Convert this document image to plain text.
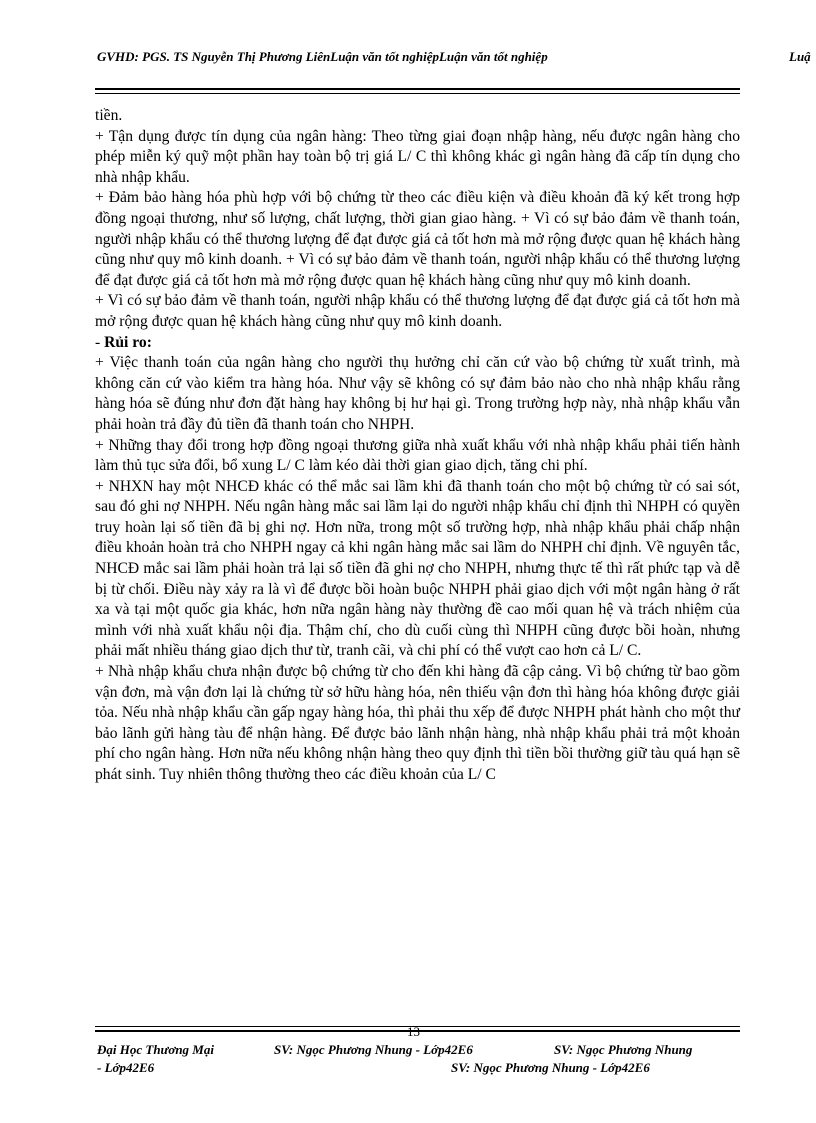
GVHD: PGS. TS Nguyễn Thị Phương LiênLuận văn tốt nghiệpLuận văn tốt nghiệp	Luậ

tiền.

+ Tận dụng được tín dụng của ngân hàng: Theo từng giai đoạn nhập hàng, nếu được ngân hàng cho phép miễn ký quỹ một phần hay toàn bộ trị giá L/ C thì không khác gì ngân hàng đã cấp tín dụng cho nhà nhập khẩu.

+ Đảm bảo hàng hóa phù hợp với bộ chứng từ theo các điều kiện và điều khoản đã ký kết trong hợp đồng ngoại thương, như số lượng, chất lượng, thời gian giao hàng. + Vì có sự bảo đảm về thanh toán, người nhập khẩu có thể thương lượng để đạt được giá cả tốt hơn mà mở rộng được quan hệ khách hàng cũng như quy mô kinh doanh. + Vì có sự bảo đảm về thanh toán, người nhập khẩu có thể thương lượng để đạt được giá cả tốt hơn mà mở rộng được quan hệ khách hàng cũng như quy mô kinh doanh.

+ Vì có sự bảo đảm về thanh toán, người nhập khẩu có thể thương lượng để đạt được giá cả tốt hơn mà mở rộng được quan hệ khách hàng cũng như quy mô kinh doanh.

- Rủi ro:

+ Việc thanh toán của ngân hàng cho người thụ hưởng chỉ căn cứ vào bộ chứng từ xuất trình, mà không căn cứ vào kiểm tra hàng hóa. Như vậy sẽ không có sự đảm bảo nào cho nhà nhập khẩu rằng hàng hóa sẽ đúng như đơn đặt hàng hay không bị hư hại gì. Trong trường hợp này, nhà nhập khẩu vẫn phải hoàn trả đầy đủ tiền đã thanh toán cho NHPH.

+ Những thay đổi trong hợp đồng ngoại thương giữa nhà xuất khẩu với nhà nhập khẩu phải tiến hành làm thủ tục sửa đổi, bổ xung L/ C làm kéo dài thời gian giao dịch, tăng chi phí.

+ NHXN hay một NHCĐ khác có thể mắc sai lầm khi đã thanh toán cho một bộ chứng từ có sai sót, sau đó ghi nợ NHPH. Nếu ngân hàng mắc sai lầm lại do người nhập khẩu chỉ định thì NHPH có quyền truy hoàn lại số tiền đã bị ghi nợ. Hơn nữa, trong một số trường hợp, nhà nhập khẩu phải chấp nhận điều khoản hoàn trả cho NHPH ngay cả khi ngân hàng mắc sai lầm do NHPH chỉ định. Về nguyên tắc, NHCĐ mắc sai lầm phải hoàn trả lại số tiền đã ghi nợ cho NHPH, nhưng thực tế thì rất phức tạp và dễ bị từ chối. Điều này xảy ra là vì để được bồi hoàn buộc NHPH phải giao dịch với một ngân hàng ở rất xa và tại một quốc gia khác, hơn nữa ngân hàng này thường đề cao mối quan hệ và trách nhiệm của mình với nhà xuất khẩu nội địa. Thậm chí, cho dù cuối cùng thì NHPH cũng được bồi hoàn, nhưng phải mất nhiều tháng giao dịch thư từ, tranh cãi, và chi phí có thể vượt cao hơn cả L/ C.

+ Nhà nhập khẩu chưa nhận được bộ chứng từ cho đến khi hàng đã cập cảng. Vì bộ chứng từ bao gồm vận đơn, mà vận đơn lại là chứng từ sở hữu hàng hóa, nên thiếu vận đơn thì hàng hóa không được giải tỏa. Nếu nhà nhập khẩu cần gấp ngay hàng hóa, thì phải thu xếp để được NHPH phát hành cho một thư bảo lãnh gửi hàng tàu để nhận hàng. Để được bảo lãnh nhận hàng, nhà nhập khẩu phải trả một khoản phí cho ngân hàng. Hơn nữa nếu không nhận hàng theo quy định thì tiền bồi thường giữ tàu quá hạn sẽ phát sinh. Tuy nhiên thông thường theo các điều khoản của L/ C

13
Đại Học Thương Mại	SV: Ngọc Phương Nhung - Lớp42E6	SV: Ngọc Phương Nhung
- Lớp42E6	SV: Ngọc Phương Nhung - Lớp42E6
